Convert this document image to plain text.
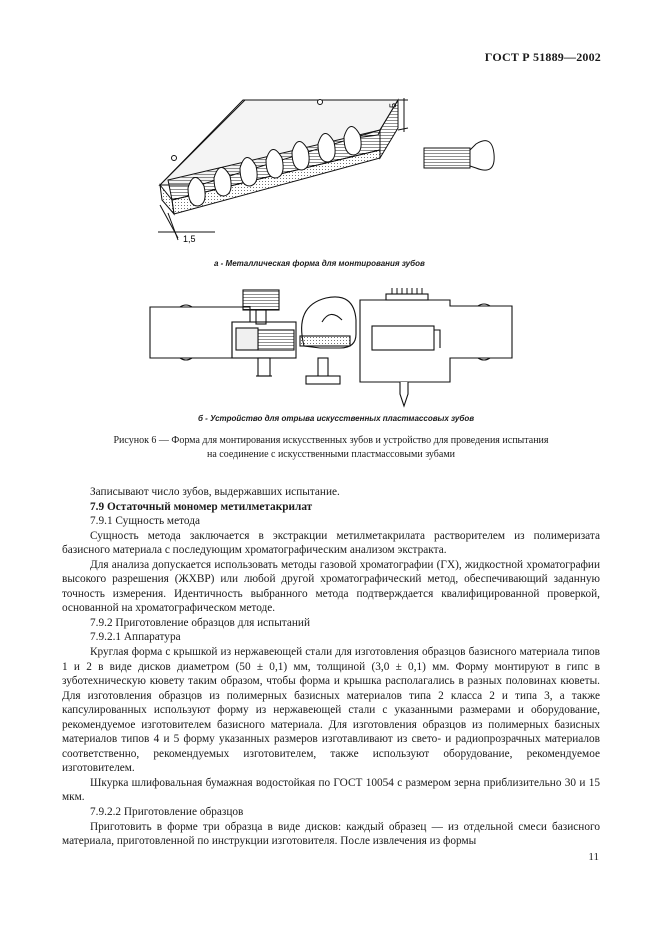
ГОСТ Р 51889—2002
5
1,5
а - Металлическая форма для монтирования зубов
б - Устройство для отрыва искусственных пластмассовых зубов
Рисунок 6 — Форма для монтирования искусственных зубов и устройство для проведения испытания
на соединение с искусственными пластмассовыми зубами

Записывают число зубов, выдержавших испытание.

7.9 Остаточный мономер метилметакрилат

7.9.1 Сущность метода

Сущность метода заключается в экстракции метилметакрилата растворителем из полимеризата базисного материала с последующим хроматографическим анализом экстракта.

Для анализа допускается использовать методы газовой хроматографии (ГХ), жидкостной хроматографии высокого разрешения (ЖХВР) или любой другой хроматографический метод, обеспечивающий заданную точность измерения. Идентичность выбранного метода подтверждается квалифицированной проверкой, основанной на хроматографическом методе.

7.9.2 Приготовление образцов для испытаний

7.9.2.1 Аппаратура

Круглая форма с крышкой из нержавеющей стали для изготовления образцов базисного материала типов 1 и 2 в виде дисков диаметром (50 ± 0,1) мм, толщиной (3,0 ± 0,1) мм. Форму монтируют в гипс в зуботехническую кювету таким образом, чтобы форма и крышка располагались в разных половинах кюветы. Для изготовления образцов из полимерных базисных материалов типа 2 класса 2 и типа 3, а также капсулированных используют форму из нержавеющей стали с указанными размерами и оборудование, рекомендуемое изготовителем базисного материала. Для изготовления образцов из полимерных базисных материалов типов 4 и 5 форму указанных размеров изготавливают из свето- и радиопрозрачных материалов соответственно, рекомендуемых изготовителем, также используют оборудование, рекомендуемое изготовителем.

Шкурка шлифовальная бумажная водостойкая по ГОСТ 10054 с размером зерна приблизительно 30 и 15 мкм.

7.9.2.2 Приготовление образцов

Приготовить в форме три образца в виде дисков: каждый образец — из отдельной смеси базисного материала, приготовленной по инструкции изготовителя. После извлечения из формы

11
